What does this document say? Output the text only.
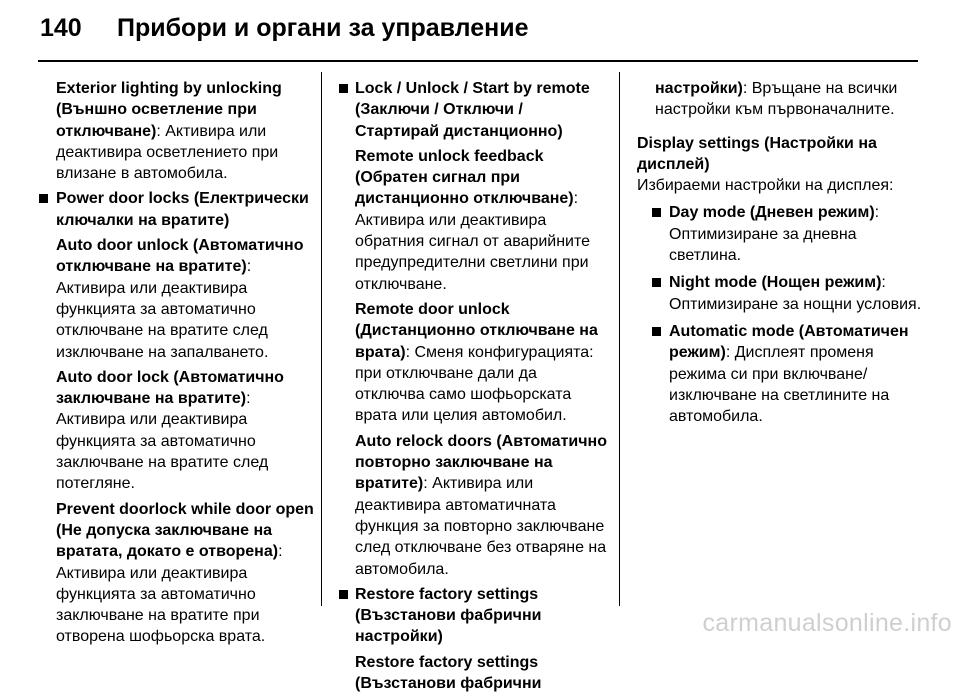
140 Прибори и органи за управление
Exterior lighting by unlocking (Външно осветление при отключване): Активира или деактивира осветлението при влизане в автомобила.
Power door locks (Електрически ключалки на вратите)
Auto door unlock (Автоматично отключване на вратите): Активира или деактивира функцията за автоматично отключване на вратите след изключване на запалването.
Auto door lock (Автоматично заключване на вратите): Активира или деактивира функцията за автоматично заключване на вратите след потегляне.
Prevent doorlock while door open (Не допуска заключване на вратата, докато е отворена): Активира или деактивира функцията за автоматично заключване на вратите при отворена шофьорска врата.
Lock / Unlock / Start by remote (Заключи / Отключи / Стартирай дистанционно)
Remote unlock feedback (Обратен сигнал при дистанционно отключване): Активира или деактивира обратния сигнал от аварийните предупредителни светлини при отключване.
Remote door unlock (Дистанционно отключване на врата): Сменя конфигурацията: при отключване дали да отключва само шофьорската врата или целия автомобил.
Auto relock doors (Автоматично повторно заключване на вратите): Активира или деактивира автоматичната функция за повторно заключване след отключване без отваряне на автомобила.
Restore factory settings (Възстанови фабрични настройки)
Restore factory settings (Възстанови фабрични
настройки): Връщане на всички настройки към първоначалните.
Display settings (Настройки на дисплей)
Избираеми настройки на дисплея:
Day mode (Дневен режим): Оптимизиране за дневна светлина.
Night mode (Нощен режим): Оптимизиране за нощни условия.
Automatic mode (Автоматичен режим): Дисплеят променя режима си при включване/ изключване на светлините на автомобила.
carmanualsonline.info
